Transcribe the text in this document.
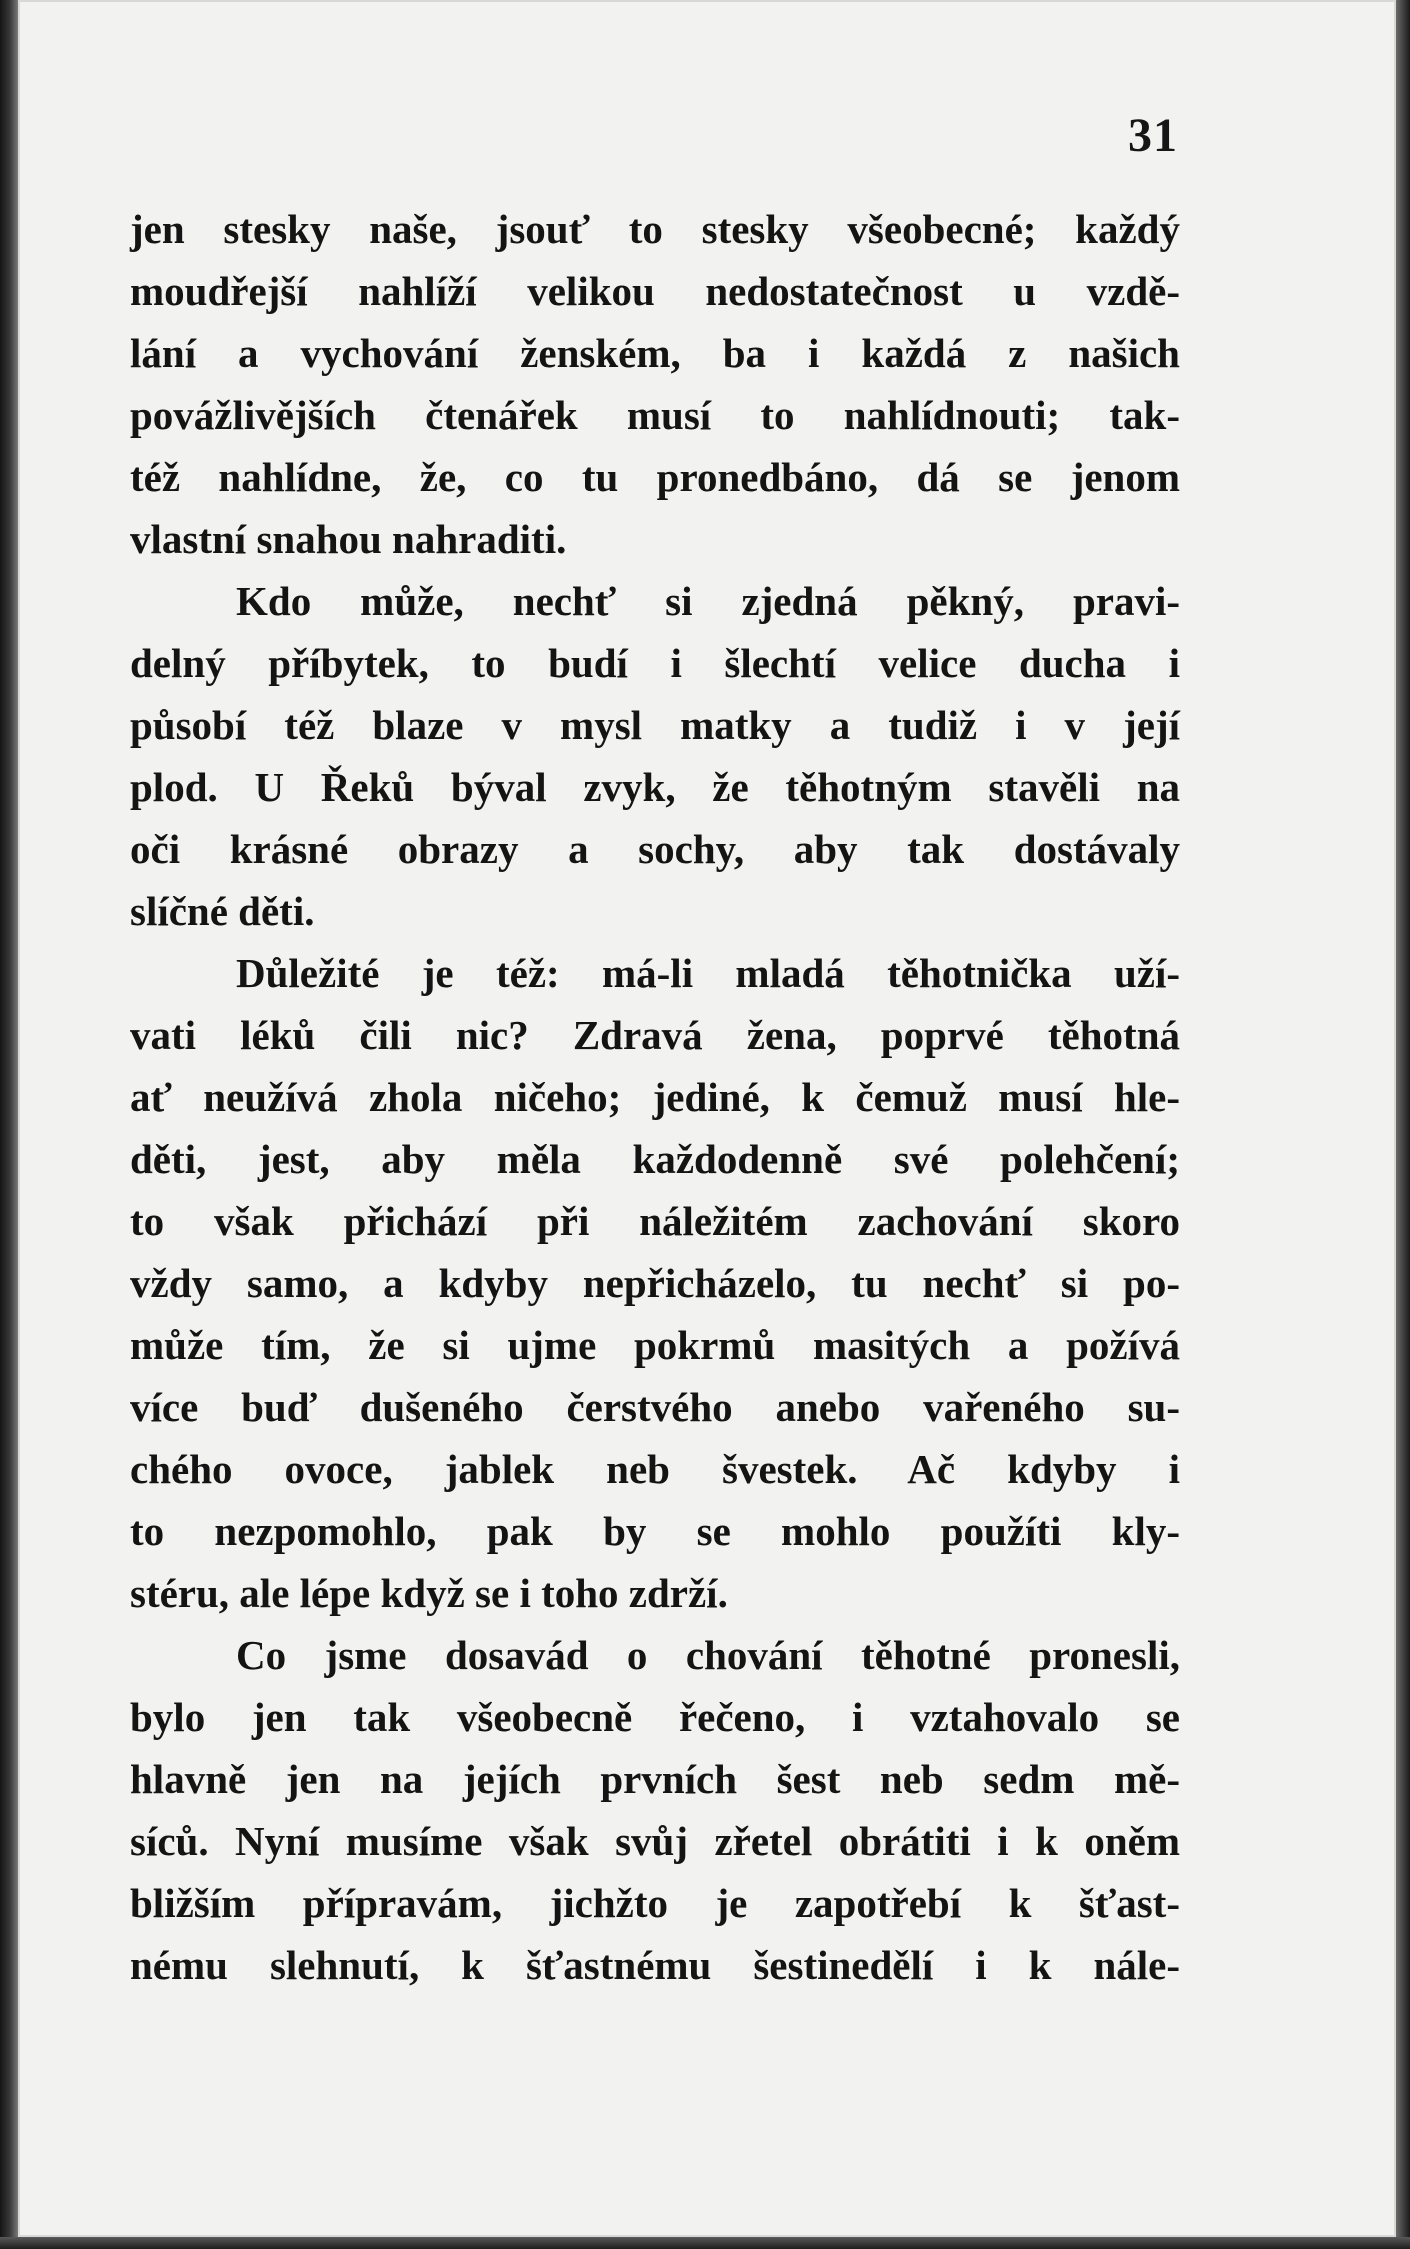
31
jen stesky naše, jsouť to stesky všeobecné; každý
moudřejší nahlíží velikou nedostatečnost u vzdě-
lání a vychování ženském, ba i každá z našich
povážlivějších čtenářek musí to nahlídnouti; tak-
též nahlídne, že, co tu pronedbáno, dá se jenom
vlastní snahou nahraditi.
Kdo může, nechť si zjedná pěkný, pravi-
delný příbytek, to budí i šlechtí velice ducha i
působí též blaze v mysl matky a tudiž i v její
plod. U Řeků býval zvyk, že těhotným stavěli na
oči krásné obrazy a sochy, aby tak dostávaly
slíčné děti.
Důležité je též: má-li mladá těhotnička uží-
vati léků čili nic? Zdravá žena, poprvé těhotná
ať neužívá zhola ničeho; jediné, k čemuž musí hle-
děti, jest, aby měla každodenně své polehčení;
to však přichází při náležitém zachování skoro
vždy samo, a kdyby nepřicházelo, tu nechť si po-
může tím, že si ujme pokrmů masitých a požívá
více buď dušeného čerstvého anebo vařeného su-
chého ovoce, jablek neb švestek. Ač kdyby i
to nezpomohlo, pak by se mohlo použíti kly-
stéru, ale lépe když se i toho zdrží.
Co jsme dosavád o chování těhotné pronesli,
bylo jen tak všeobecně řečeno, i vztahovalo se
hlavně jen na jejích prvních šest neb sedm mě-
síců. Nyní musíme však svůj zřetel obrátiti i k oněm
bližším přípravám, jichžto je zapotřebí k šťast-
nému slehnutí, k šťastnému šestinedělí i k nále-
